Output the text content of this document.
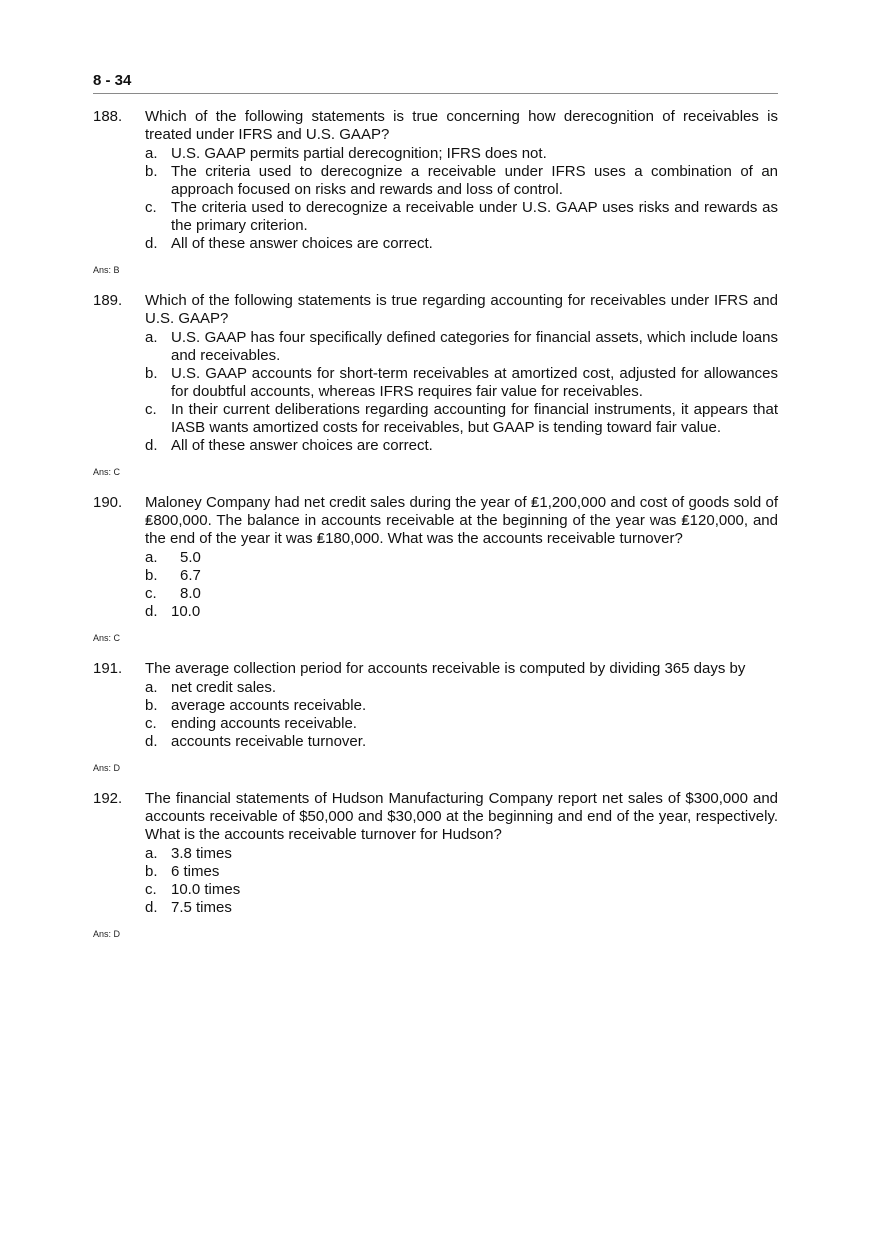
8 - 34
188. Which of the following statements is true concerning how derecognition of receivables is treated under IFRS and U.S. GAAP?
a. U.S. GAAP permits partial derecognition; IFRS does not.
b. The criteria used to derecognize a receivable under IFRS uses a combination of an approach focused on risks and rewards and loss of control.
c. The criteria used to derecognize a receivable under U.S. GAAP uses risks and rewards as the primary criterion.
d. All of these answer choices are correct.
Ans: B
189. Which of the following statements is true regarding accounting for receivables under IFRS and U.S. GAAP?
a. U.S. GAAP has four specifically defined categories for financial assets, which include loans and receivables.
b. U.S. GAAP accounts for short-term receivables at amortized cost, adjusted for allowances for doubtful accounts, whereas IFRS requires fair value for receivables.
c. In their current deliberations regarding accounting for financial instruments, it appears that IASB wants amortized costs for receivables, but GAAP is tending toward fair value.
d. All of these answer choices are correct.
Ans: C
190. Maloney Company had net credit sales during the year of ₤1,200,000 and cost of goods sold of ₤800,000. The balance in accounts receivable at the beginning of the year was ₤120,000, and the end of the year it was ₤180,000. What was the accounts receivable turnover?
a. 5.0
b. 6.7
c. 8.0
d. 10.0
Ans: C
191. The average collection period for accounts receivable is computed by dividing 365 days by
a. net credit sales.
b. average accounts receivable.
c. ending accounts receivable.
d. accounts receivable turnover.
Ans: D
192. The financial statements of Hudson Manufacturing Company report net sales of $300,000 and accounts receivable of $50,000 and $30,000 at the beginning and end of the year, respectively. What is the accounts receivable turnover for Hudson?
a. 3.8 times
b. 6 times
c. 10.0 times
d. 7.5 times
Ans: D
